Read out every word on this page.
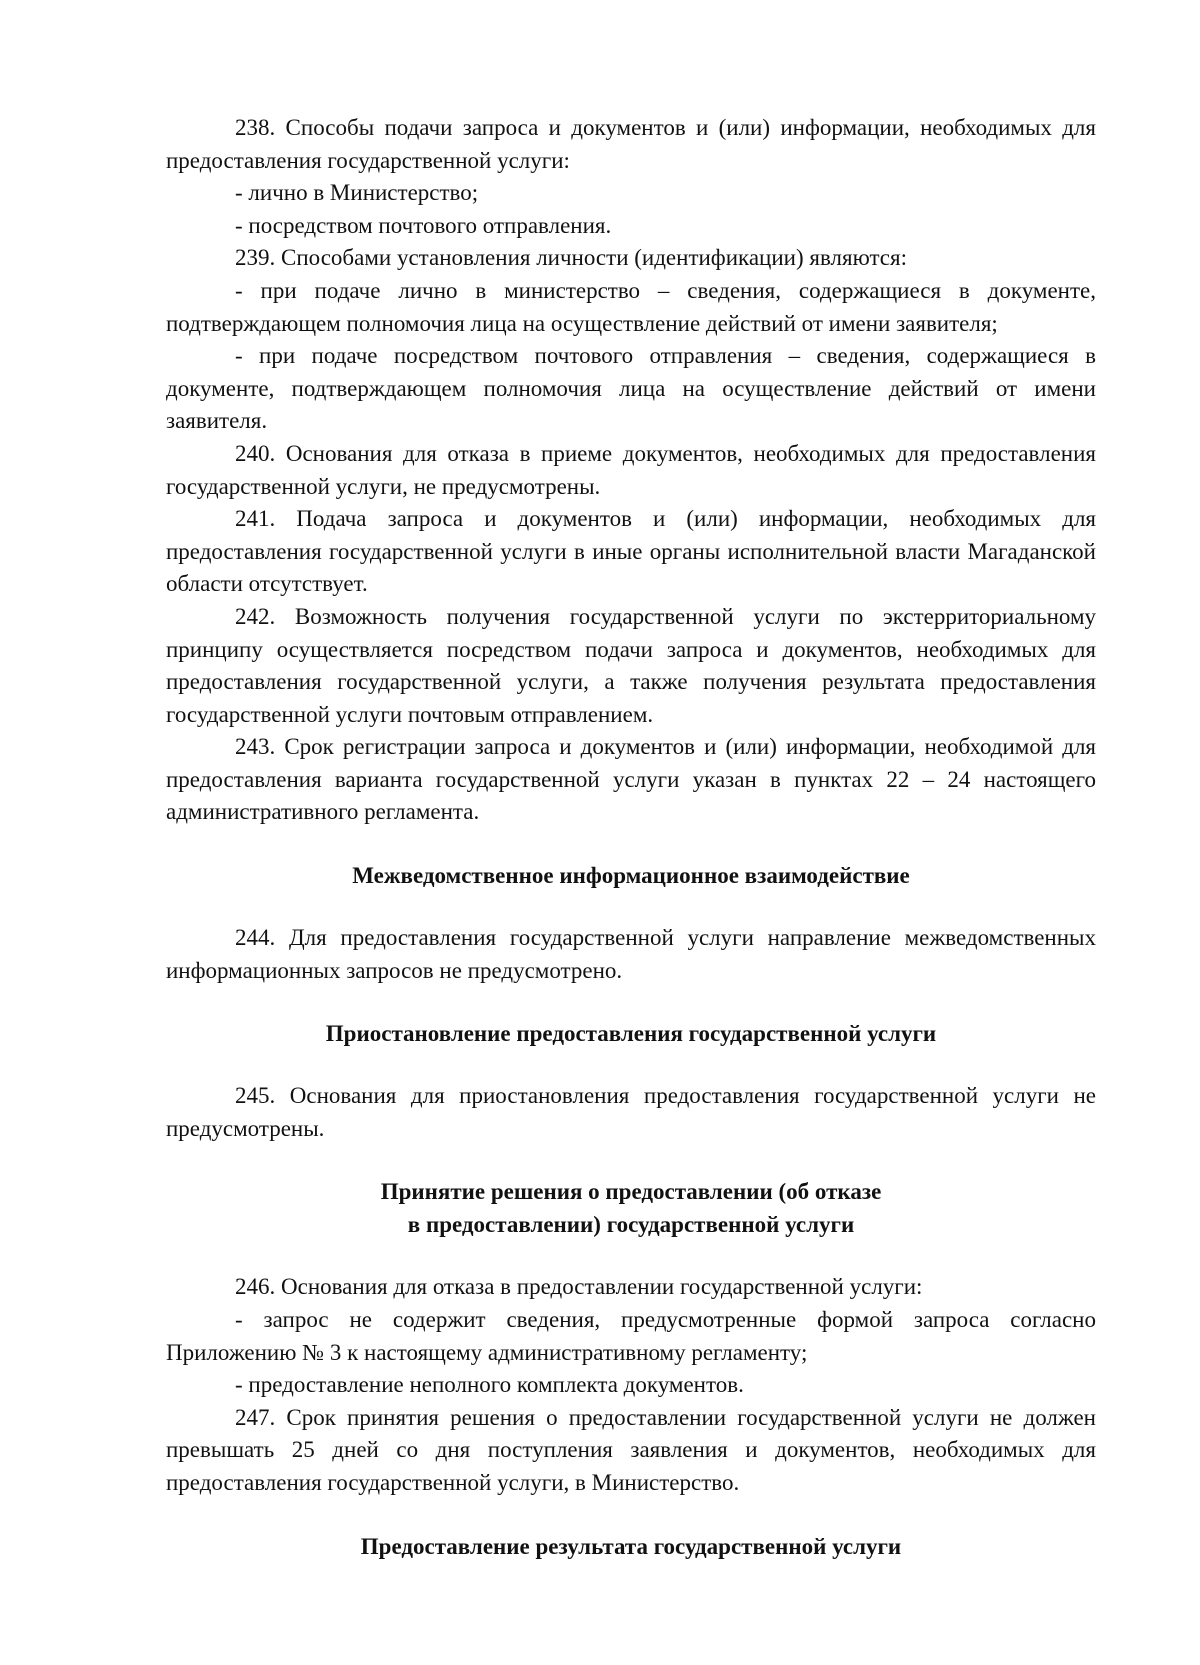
238. Способы подачи запроса и документов и (или) информации, необходимых для предоставления государственной услуги:

- лично в Министерство;

- посредством почтового отправления.

239. Способами установления личности (идентификации) являются:

- при подаче лично в министерство – сведения, содержащиеся в документе, подтверждающем полномочия лица на осуществление действий от имени заявителя;

- при подаче посредством почтового отправления – сведения, содержащиеся в документе, подтверждающем полномочия лица на осуществление действий от имени заявителя.

240. Основания для отказа в приеме документов, необходимых для предоставления государственной услуги, не предусмотрены.

241. Подача запроса и документов и (или) информации, необходимых для предоставления государственной услуги в иные органы исполнительной власти Магаданской области отсутствует.

242. Возможность получения государственной услуги по экстерриториальному принципу осуществляется посредством подачи запроса и документов, необходимых для предоставления государственной услуги, а также получения результата предоставления государственной услуги почтовым отправлением.

243. Срок регистрации запроса и документов и (или) информации, необходимой для предоставления варианта государственной услуги указан в пунктах 22 – 24 настоящего административного регламента.

Межведомственное информационное взаимодействие

244. Для предоставления государственной услуги направление межведомственных информационных запросов не предусмотрено.

Приостановление предоставления государственной услуги

245. Основания для приостановления предоставления государственной услуги не предусмотрены.

Принятие решения о предоставлении (об отказе

в предоставлении) государственной услуги

246. Основания для отказа в предоставлении государственной услуги:

- запрос не содержит сведения, предусмотренные формой запроса согласно Приложению № 3 к настоящему административному регламенту;

- предоставление неполного комплекта документов.

247. Срок принятия решения о предоставлении государственной услуги не должен превышать 25 дней со дня поступления заявления и документов, необходимых для предоставления государственной услуги, в Министерство.

Предоставление результата государственной услуги
